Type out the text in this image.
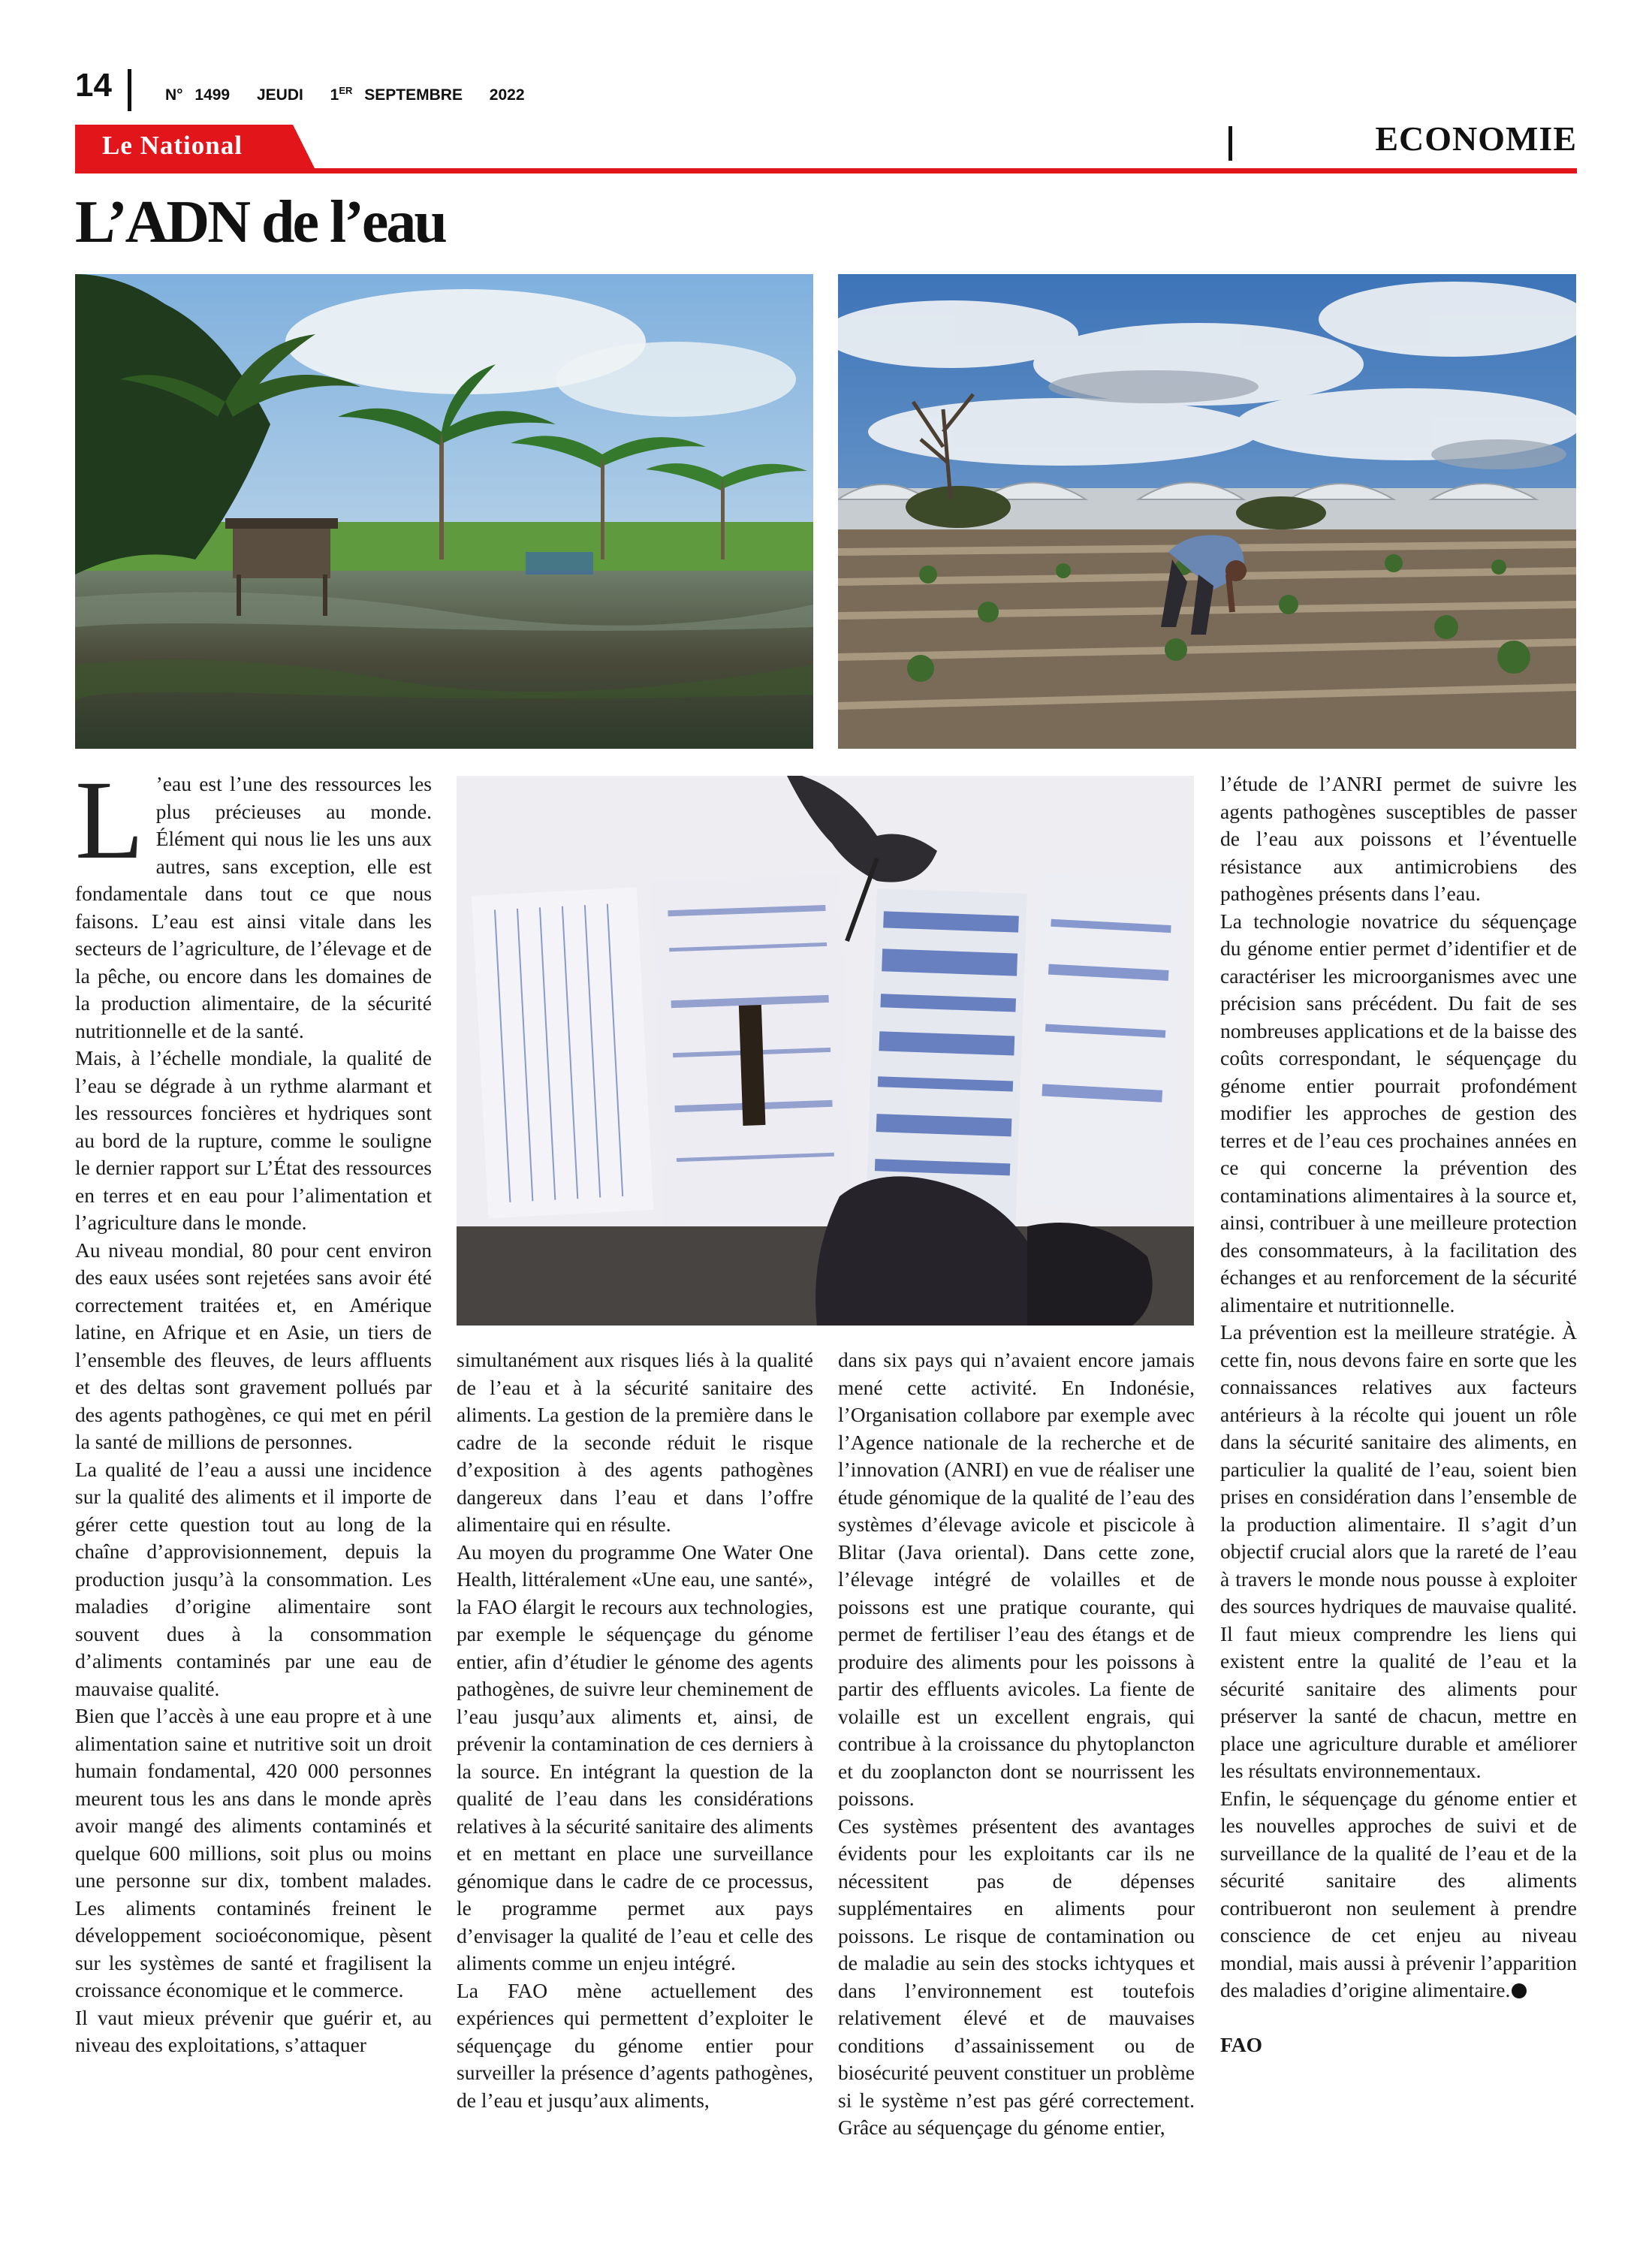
14	N° 1499 JEUDI 1ER SEPTEMBRE 2022
Le National	ECONOMIE
L’ADN de l’eau

L ’eau est l’une des ressources les plus précieuses au monde. Élément qui nous lie les uns aux autres, sans exception, elle est fondamentale dans tout ce que nous faisons. L’eau est ainsi vitale dans les secteurs de l’agriculture, de l’élevage et de la pêche, ou encore dans les domaines de la production alimentaire, de la sécurité nutritionnelle et de la santé.

Mais, à l’échelle mondiale, la qualité de l’eau se dégrade à un rythme alarmant et les ressources foncières et hydriques sont au bord de la rupture, comme le souligne le dernier rapport sur L’État des ressources en terres et en eau pour l’alimentation et l’agriculture dans le monde.

Au niveau mondial, 80 pour cent environ des eaux usées sont rejetées sans avoir été correctement traitées et, en Amérique latine, en Afrique et en Asie, un tiers de l’ensemble des fleuves, de leurs affluents et des deltas sont gravement pollués par des agents pathogènes, ce qui met en péril la santé de millions de personnes.

La qualité de l’eau a aussi une incidence sur la qualité des aliments et il importe de gérer cette question tout au long de la chaîne d’approvisionnement, depuis la production jusqu’à la consommation. Les maladies d’origine alimentaire sont souvent dues à la consommation d’aliments contaminés par une eau de mauvaise qualité.

Bien que l’accès à une eau propre et à une alimentation saine et nutritive soit un droit humain fondamental, 420 000 personnes meurent tous les ans dans le monde après avoir mangé des aliments contaminés et quelque 600 millions, soit plus ou moins une personne sur dix, tombent malades. Les aliments contaminés freinent le développement socioéconomique, pèsent sur les systèmes de santé et fragilisent la croissance économique et le commerce.

Il vaut mieux prévenir que guérir et, au niveau des exploitations, s’attaquer

simultanément aux risques liés à la qualité de l’eau et à la sécurité sanitaire des aliments. La gestion de la première dans le cadre de la seconde réduit le risque d’exposition à des agents pathogènes dangereux dans l’eau et dans l’offre alimentaire qui en résulte.

Au moyen du programme One Water One Health, littéralement «Une eau, une santé», la FAO élargit le recours aux technologies, par exemple le séquençage du génome entier, afin d’étudier le génome des agents pathogènes, de suivre leur cheminement de l’eau jusqu’aux aliments et, ainsi, de prévenir la contamination de ces derniers à la source. En intégrant la question de la qualité de l’eau dans les considérations relatives à la sécurité sanitaire des aliments et en mettant en place une surveillance génomique dans le cadre de ce processus, le programme permet aux pays d’envisager la qualité de l’eau et celle des aliments comme un enjeu intégré.

La FAO mène actuellement des expériences qui permettent d’exploiter le séquençage du génome entier pour surveiller la présence d’agents pathogènes, de l’eau et jusqu’aux aliments,

dans six pays qui n’avaient encore jamais mené cette activité. En Indonésie, l’Organisation collabore par exemple avec l’Agence nationale de la recherche et de l’innovation (ANRI) en vue de réaliser une étude génomique de la qualité de l’eau des systèmes d’élevage avicole et piscicole à Blitar (Java oriental). Dans cette zone, l’élevage intégré de volailles et de poissons est une pratique courante, qui permet de fertiliser l’eau des étangs et de produire des aliments pour les poissons à partir des effluents avicoles. La fiente de volaille est un excellent engrais, qui contribue à la croissance du phytoplancton et du zooplancton dont se nourrissent les poissons.

Ces systèmes présentent des avantages évidents pour les exploitants car ils ne nécessitent pas de dépenses supplémentaires en aliments pour poissons. Le risque de contamination ou de maladie au sein des stocks ichtyques et dans l’environnement est toutefois relativement élevé et de mauvaises conditions d’assainissement ou de biosécurité peuvent constituer un problème si le système n’est pas géré correctement. Grâce au séquençage du génome entier,

l’étude de l’ANRI permet de suivre les agents pathogènes susceptibles de passer de l’eau aux poissons et l’éventuelle résistance aux antimicrobiens des pathogènes présents dans l’eau.

La technologie novatrice du séquençage du génome entier permet d’identifier et de caractériser les microorganismes avec une précision sans précédent. Du fait de ses nombreuses applications et de la baisse des coûts correspondant, le séquençage du génome entier pourrait profondément modifier les approches de gestion des terres et de l’eau ces prochaines années en ce qui concerne la prévention des contaminations alimentaires à la source et, ainsi, contribuer à une meilleure protection des consommateurs, à la facilitation des échanges et au renforcement de la sécurité alimentaire et nutritionnelle.

La prévention est la meilleure stratégie. À cette fin, nous devons faire en sorte que les connaissances relatives aux facteurs antérieurs à la récolte qui jouent un rôle dans la sécurité sanitaire des aliments, en particulier la qualité de l’eau, soient bien prises en considération dans l’ensemble de la production alimentaire. Il s’agit d’un objectif crucial alors que la rareté de l’eau à travers le monde nous pousse à exploiter des sources hydriques de mauvaise qualité. Il faut mieux comprendre les liens qui existent entre la qualité de l’eau et la sécurité sanitaire des aliments pour préserver la santé de chacun, mettre en place une agriculture durable et améliorer les résultats environnementaux.

Enfin, le séquençage du génome entier et les nouvelles approches de suivi et de surveillance de la qualité de l’eau et de la sécurité sanitaire des aliments contribueront non seulement à prendre conscience de cet enjeu au niveau mondial, mais aussi à prévenir l’apparition des maladies d’origine alimentaire.

FAO
